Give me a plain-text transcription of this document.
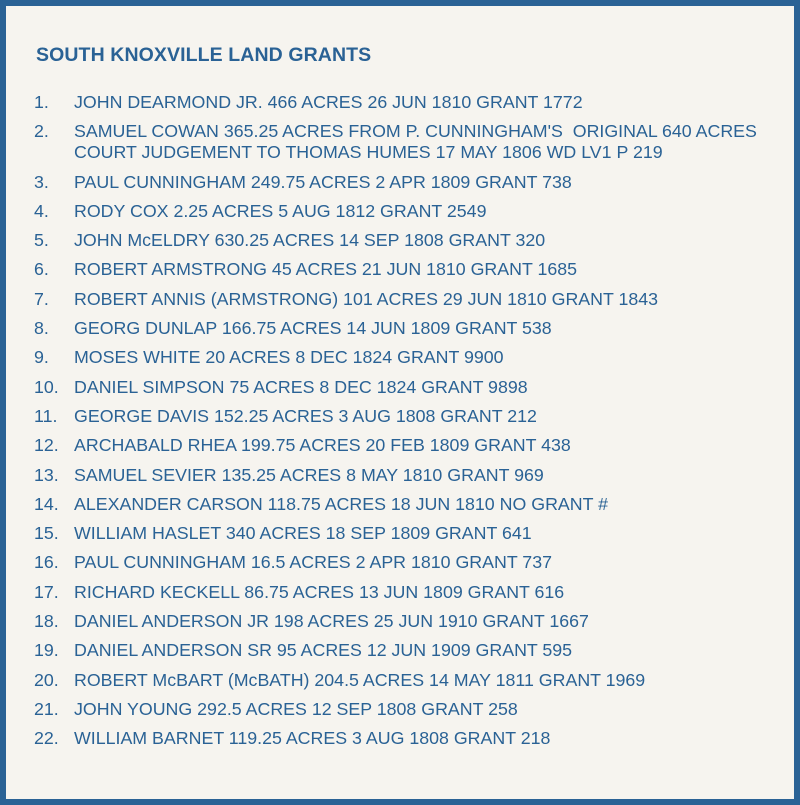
SOUTH KNOXVILLE LAND GRANTS
1.	JOHN DEARMOND JR. 466 ACRES 26 JUN 1810 GRANT 1772
2.	SAMUEL COWAN 365.25 ACRES FROM P. CUNNINGHAM'S  ORIGINAL 640 ACRES  COURT JUDGEMENT TO THOMAS HUMES 17 MAY 1806 WD LV1 P 219
3.	PAUL CUNNINGHAM 249.75 ACRES 2 APR 1809 GRANT 738
4.	RODY COX 2.25 ACRES 5 AUG 1812 GRANT 2549
5.	JOHN McELDRY 630.25 ACRES 14 SEP 1808 GRANT 320
6.	ROBERT ARMSTRONG 45 ACRES 21 JUN 1810 GRANT 1685
7.	ROBERT ANNIS (ARMSTRONG) 101 ACRES 29 JUN 1810 GRANT 1843
8.	GEORG DUNLAP 166.75 ACRES 14 JUN 1809 GRANT 538
9.	MOSES WHITE 20 ACRES 8 DEC 1824 GRANT 9900
10. DANIEL SIMPSON 75 ACRES 8 DEC 1824 GRANT 9898
11. GEORGE DAVIS 152.25 ACRES 3 AUG 1808 GRANT 212
12. ARCHABALD RHEA 199.75 ACRES 20 FEB 1809 GRANT 438
13. SAMUEL SEVIER 135.25 ACRES 8 MAY 1810 GRANT 969
14. ALEXANDER CARSON 118.75 ACRES 18 JUN 1810 NO GRANT #
15. WILLIAM HASLET 340 ACRES 18 SEP 1809 GRANT 641
16. PAUL CUNNINGHAM 16.5 ACRES 2 APR 1810 GRANT 737
17. RICHARD KECKELL 86.75 ACRES 13 JUN 1809 GRANT 616
18. DANIEL ANDERSON JR 198 ACRES 25 JUN 1910 GRANT 1667
19. DANIEL ANDERSON SR 95 ACRES 12 JUN 1909 GRANT 595
20. ROBERT McBART (McBATH) 204.5 ACRES 14 MAY 1811 GRANT 1969
21. JOHN YOUNG 292.5 ACRES 12 SEP 1808 GRANT 258
22. WILLIAM BARNET 119.25 ACRES 3 AUG 1808 GRANT 218
